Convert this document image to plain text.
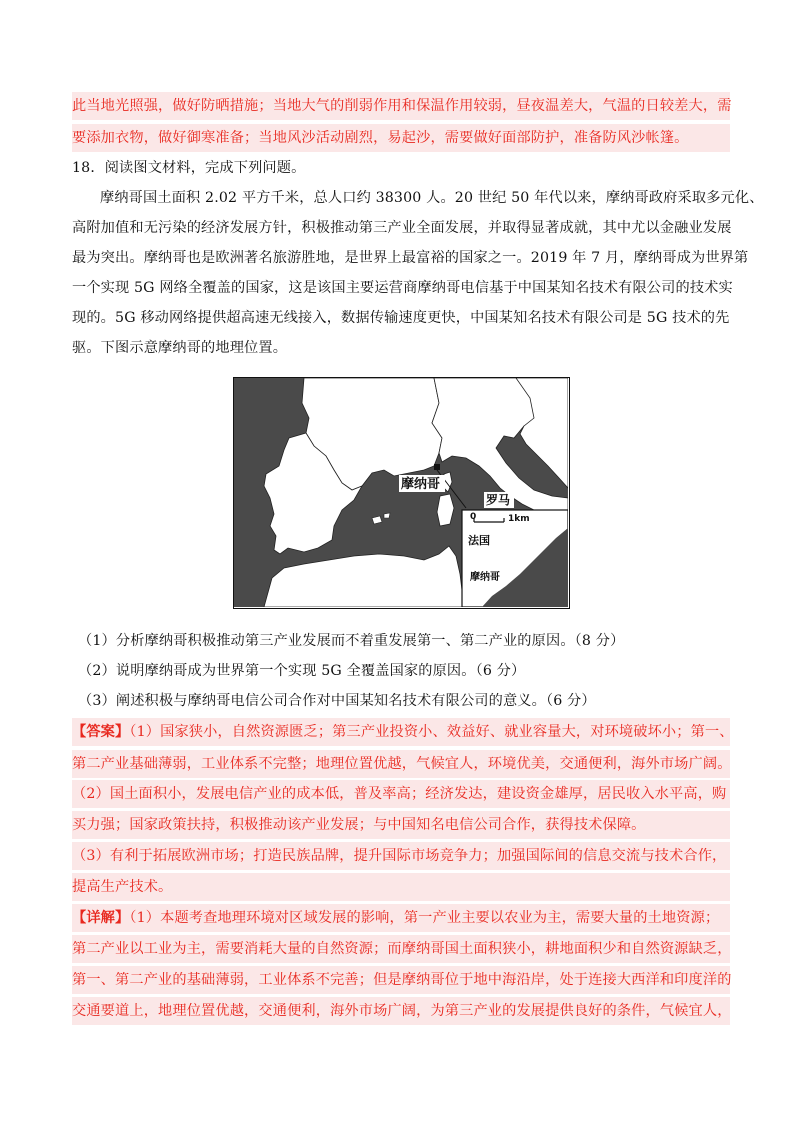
此当地光照强，做好防晒措施；当地大气的削弱作用和保温作用较弱，昼夜温差大，气温的日较差大，需
要添加衣物，做好御寒准备；当地风沙活动剧烈，易起沙，需要做好面部防护，准备防风沙帐篷。
18．阅读图文材料，完成下列问题。
摩纳哥国土面积 2.02 平方千米，总人口约 38300 人。20 世纪 50 年代以来，摩纳哥政府采取多元化、
高附加值和无污染的经济发展方针，积极推动第三产业全面发展，并取得显著成就，其中尤以金融业发展
最为突出。摩纳哥也是欧洲著名旅游胜地，是世界上最富裕的国家之一。2019 年 7 月，摩纳哥成为世界第
一个实现 5G 网络全覆盖的国家，这是该国主要运营商摩纳哥电信基于中国某知名技术有限公司的技术实
现的。5G 移动网络提供超高速无线接入，数据传输速度更快，中国某知名技术有限公司是 5G 技术的先
驱。下图示意摩纳哥的地理位置。
摩纳哥
罗马
0	1km
法国
摩纳哥
（1）分析摩纳哥积极推动第三产业发展而不着重发展第一、第二产业的原因。（8 分）
（2）说明摩纳哥成为世界第一个实现 5G 全覆盖国家的原因。（6 分）
（3）阐述积极与摩纳哥电信公司合作对中国某知名技术有限公司的意义。（6 分）
【答案】（1）国家狭小，自然资源匮乏；第三产业投资小、效益好、就业容量大，对环境破坏小；第一、
第二产业基础薄弱，工业体系不完整；地理位置优越，气候宜人，环境优美，交通便利，海外市场广阔。
（2）国土面积小，发展电信产业的成本低，普及率高；经济发达，建设资金雄厚，居民收入水平高，购
买力强；国家政策扶持，积极推动该产业发展；与中国知名电信公司合作，获得技术保障。
（3）有利于拓展欧洲市场；打造民族品牌，提升国际市场竞争力；加强国际间的信息交流与技术合作，
提高生产技术。
【详解】（1）本题考查地理环境对区域发展的影响，第一产业主要以农业为主，需要大量的土地资源；
第二产业以工业为主，需要消耗大量的自然资源；而摩纳哥国土面积狭小，耕地面积少和自然资源缺乏，
第一、第二产业的基础薄弱，工业体系不完善；但是摩纳哥位于地中海沿岸，处于连接大西洋和印度洋的
交通要道上，地理位置优越，交通便利，海外市场广阔，为第三产业的发展提供良好的条件，气候宜人，
